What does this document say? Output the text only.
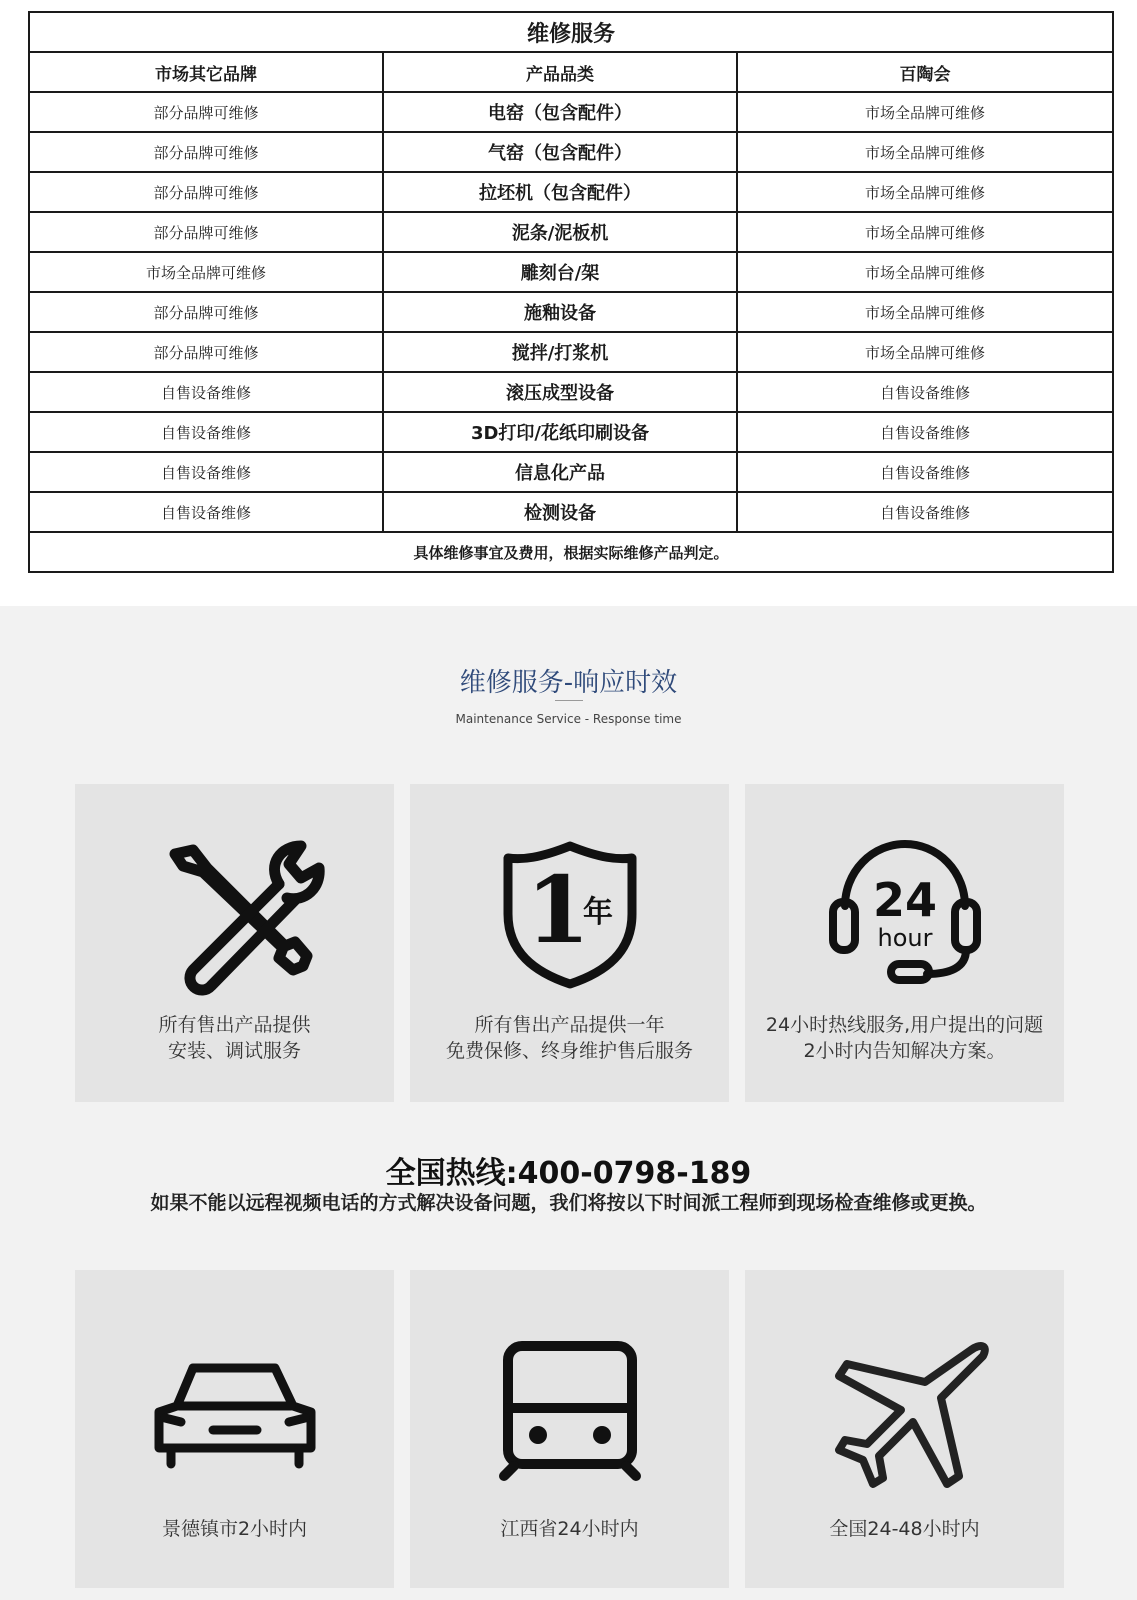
维修服务		
市场其它品牌	产品品类	百陶会
部分品牌可维修	电窑（包含配件）	市场全品牌可维修
部分品牌可维修	气窑（包含配件）	市场全品牌可维修
部分品牌可维修	拉坯机（包含配件）	市场全品牌可维修
部分品牌可维修	泥条/泥板机	市场全品牌可维修
市场全品牌可维修	雕刻台/架	市场全品牌可维修
部分品牌可维修	施釉设备	市场全品牌可维修
部分品牌可维修	搅拌/打浆机	市场全品牌可维修
自售设备维修	滚压成型设备	自售设备维修
自售设备维修	3D打印/花纸印刷设备	自售设备维修
自售设备维修	信息化产品	自售设备维修
自售设备维修	检测设备	自售设备维修
具体维修事宜及费用，根据实际维修产品判定。		
维修服务-响应时效
Maintenance Service - Response time
所有售出产品提供
安装、调试服务
1
年
所有售出产品提供一年
免费保修、终身维护售后服务
24
hour
24小时热线服务,用户提出的问题
2小时内告知解决方案。
全国热线:400-0798-189
如果不能以远程视频电话的方式解决设备问题，我们将按以下时间派工程师到现场检查维修或更换。
景德镇市2小时内	江西省24小时内	全国24-48小时内
